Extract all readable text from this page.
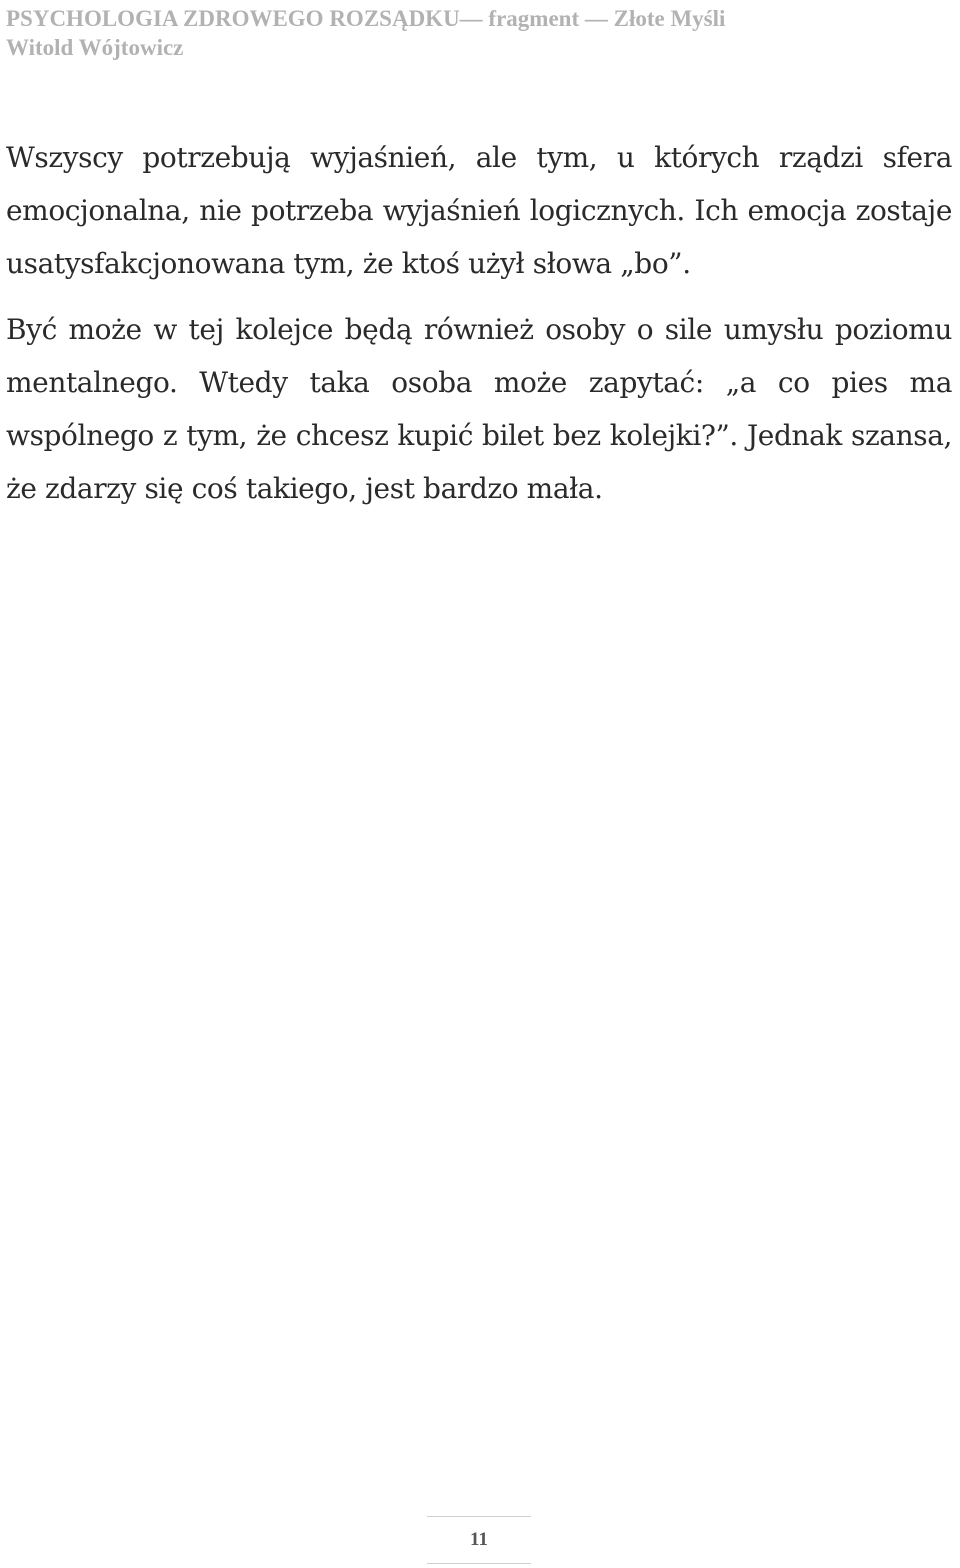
PSYCHOLOGIA ZDROWEGO ROZSĄDKU— fragment — Złote Myśli
Witold Wójtowicz

Wszyscy potrzebują wyjaśnień, ale tym, u których rządzi sfera emocjonalna, nie potrzeba wyjaśnień logicznych. Ich emocja zostaje usatysfakcjonowana tym, że ktoś użył słowa „bo”.

Być może w tej kolejce będą również osoby o sile umysłu poziomu mentalnego. Wtedy taka osoba może zapytać: „a co pies ma wspólnego z tym, że chcesz kupić bilet bez kolejki?”. Jednak szansa, że zdarzy się coś takiego, jest bardzo mała.

11
